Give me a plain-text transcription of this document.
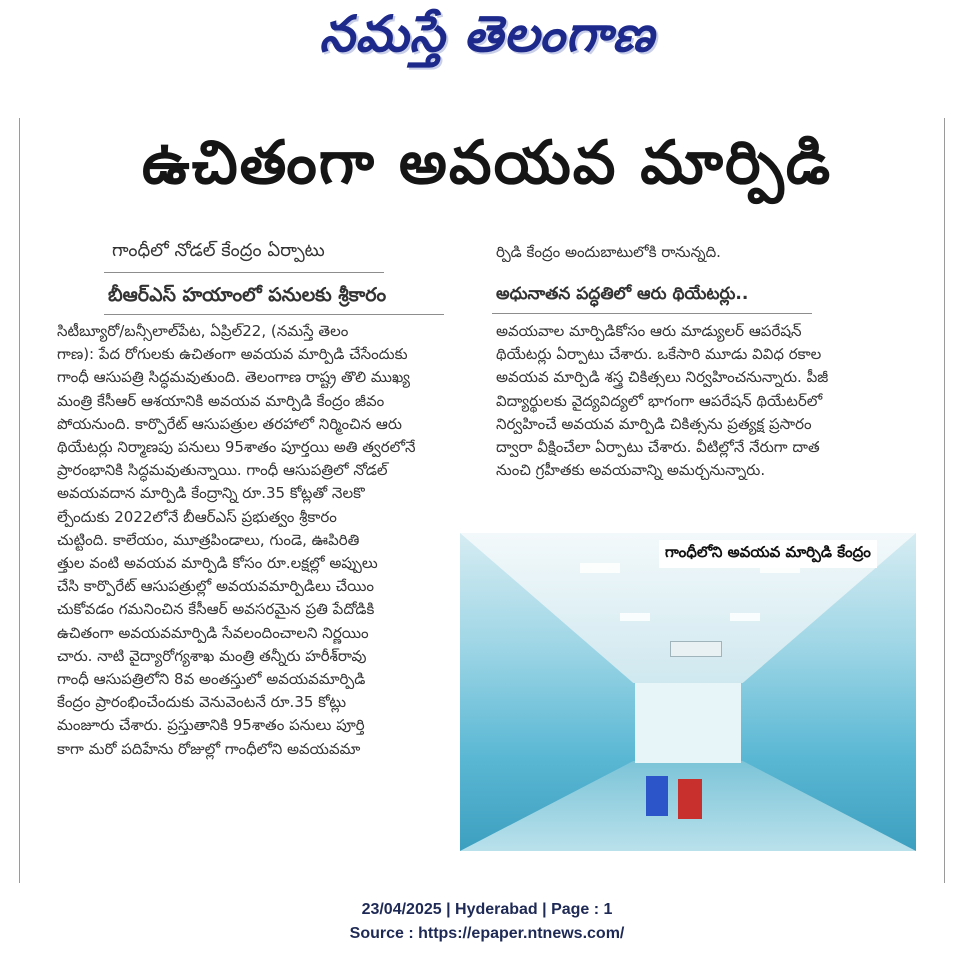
నమస్తే తెలంగాణ
ఉచితంగా అవయవ మార్పిడి
గాంధీలో నోడల్ కేంద్రం ఏర్పాటు
బీఆర్ఎస్ హయాంలో పనులకు శ్రీకారం
ర్పిడి కేంద్రం అందుబాటులోకి రానున్నది.
అధునాతన పద్ధతిలో ఆరు థియేటర్లు..
సిటీబ్యూరో/బన్సీలాల్‌పేట, ఏప్రిల్22, (నమస్తే తెలం
గాణ): పేద రోగులకు ఉచితంగా అవయవ మార్పిడి చేసేందుకు
గాంధీ ఆసుపత్రి సిద్ధమవుతుంది. తెలంగాణ రాష్ట్ర తొలి ముఖ్య
మంత్రి కేసీఆర్ ఆశయానికి అవయవ మార్పిడి కేంద్రం జీవం
పోయనుంది. కార్పొరేట్ ఆసుపత్రుల తరహాలో నిర్మించిన ఆరు
థియేటర్లు నిర్మాణపు పనులు 95శాతం పూర్తయి అతి త్వరలోనే
ప్రారంభానికి సిద్ధమవుతున్నాయి. గాంధీ ఆసుపత్రిలో నోడల్
అవయవదాన మార్పిడి కేంద్రాన్ని రూ.35 కోట్లతో నెలకొ
ల్పేందుకు 2022లోనే బీఆర్ఎస్ ప్రభుత్వం శ్రీకారం
చుట్టింది. కాలేయం, మూత్రపిండాలు, గుండె, ఊపిరితి
త్తుల వంటి అవయవ మార్పిడి కోసం రూ.లక్షల్లో అప్పులు
చేసి కార్పొరేట్ ఆసుపత్రుల్లో అవయవమార్పిడిలు చేయిం
చుకోవడం గమనించిన కేసీఆర్ అవసరమైన ప్రతి పేదోడికి
ఉచితంగా అవయవమార్పిడి సేవలందించాలని నిర్ణయిం
చారు. నాటి వైద్యారోగ్యశాఖ మంత్రి తన్నీరు హరీశ్‌రావు
గాంధీ ఆసుపత్రిలోని 8వ అంతస్తులో అవయవమార్పిడి
కేంద్రం ప్రారంభించేందుకు వెనువెంటనే రూ.35 కోట్లు
మంజూరు చేశారు. ప్రస్తుతానికి 95శాతం పనులు పూర్తి
కాగా మరో పదిహేను రోజుల్లో గాంధీలోని అవయవమా
అవయవాల మార్పిడికోసం ఆరు మాడ్యులర్ ఆపరేషన్
థియేటర్లు ఏర్పాటు చేశారు. ఒకేసారి మూడు వివిధ రకాల
అవయవ మార్పిడి శస్త్ర చికిత్సలు నిర్వహించనున్నారు. పీజీ
విద్యార్థులకు వైద్యవిద్యలో భాగంగా ఆపరేషన్ థియేటర్‌లో
నిర్వహించే అవయవ మార్పిడి చికిత్సను ప్రత్యక్ష ప్రసారం
ద్వారా వీక్షించేలా ఏర్పాటు చేశారు. వీటిల్లోనే నేరుగా దాత
నుంచి గ్రహీతకు అవయవాన్ని అమర్చనున్నారు.
గాంధీలోని అవయవ మార్పిడి కేంద్రం
23/04/2025 | Hyderabad | Page : 1
Source : https://epaper.ntnews.com/
